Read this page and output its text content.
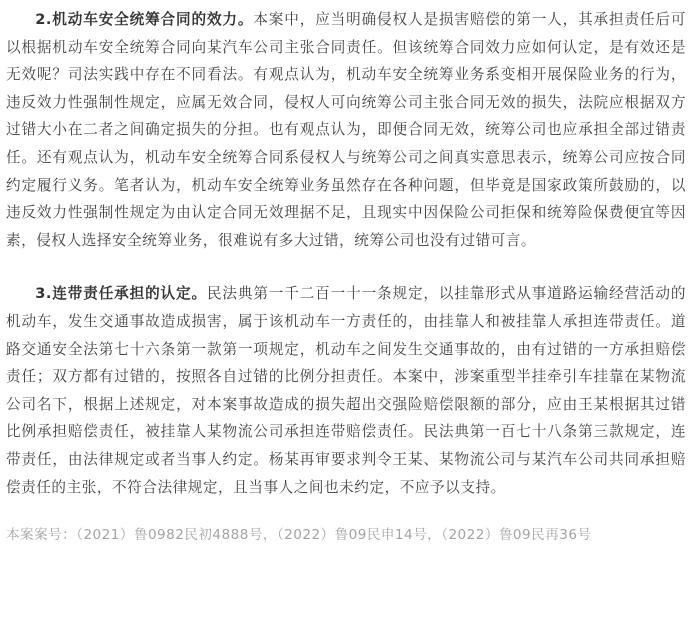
2.机动车安全统筹合同的效力。本案中，应当明确侵权人是损害赔偿的第一人，其承担责任后可以根据机动车安全统筹合同向某汽车公司主张合同责任。但该统筹合同效力应如何认定，是有效还是无效呢？司法实践中存在不同看法。有观点认为，机动车安全统筹业务系变相开展保险业务的行为，违反效力性强制性规定，应属无效合同，侵权人可向统筹公司主张合同无效的损失，法院应根据双方过错大小在二者之间确定损失的分担。也有观点认为，即便合同无效，统筹公司也应承担全部过错责任。还有观点认为，机动车安全统筹合同系侵权人与统筹公司之间真实意思表示，统筹公司应按合同约定履行义务。笔者认为，机动车安全统筹业务虽然存在各种问题，但毕竟是国家政策所鼓励的，以违反效力性强制性规定为由认定合同无效理据不足，且现实中因保险公司拒保和统筹险保费便宜等因素，侵权人选择安全统筹业务，很难说有多大过错，统筹公司也没有过错可言。

3.连带责任承担的认定。民法典第一千二百一十一条规定，以挂靠形式从事道路运输经营活动的机动车，发生交通事故造成损害，属于该机动车一方责任的，由挂靠人和被挂靠人承担连带责任。道路交通安全法第七十六条第一款第一项规定，机动车之间发生交通事故的，由有过错的一方承担赔偿责任；双方都有过错的，按照各自过错的比例分担责任。本案中，涉案重型半挂牵引车挂靠在某物流公司名下，根据上述规定，对本案事故造成的损失超出交强险赔偿限额的部分，应由王某根据其过错比例承担赔偿责任，被挂靠人某物流公司承担连带赔偿责任。民法典第一百七十八条第三款规定，连带责任，由法律规定或者当事人约定。杨某再审要求判令王某、某物流公司与某汽车公司共同承担赔偿责任的主张，不符合法律规定，且当事人之间也未约定，不应予以支持。

本案案号：（2021）鲁0982民初4888号，（2022）鲁09民申14号，（2022）鲁09民再36号
